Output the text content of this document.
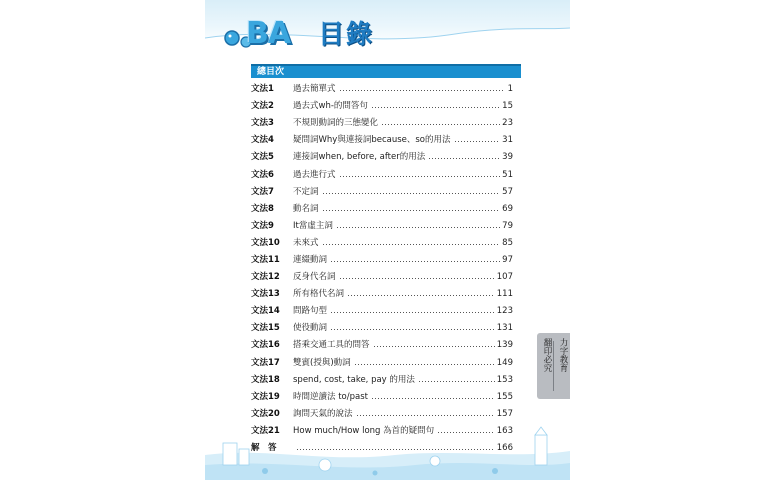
BA 目錄
總目次
文法1	過去簡單式	1
文法2	過去式wh-的問答句	15
文法3	不規則動詞的三態變化	23
文法4	疑問詞Why與連接詞because、so的用法	31
文法5	連接詞when, before, after的用法	39
文法6	過去進行式	51
文法7	不定詞	57
文法8	動名詞	69
文法9	It當虛主詞	79
文法10	未來式	85
文法11	連綴動詞	97
文法12	反身代名詞	107
文法13	所有格代名詞	111
文法14	問路句型	123
文法15	使役動詞	131
文法16	搭乘交通工具的問答	139
文法17	雙賓(授與)動詞	149
文法18	spend, cost, take, pay 的用法	153
文法19	時間逆讀法 to/past	155
文法20	詢問天氣的說法	157
文法21	How much/How long 為首的疑問句	163
解　答	166
力字教育
翻印必究
